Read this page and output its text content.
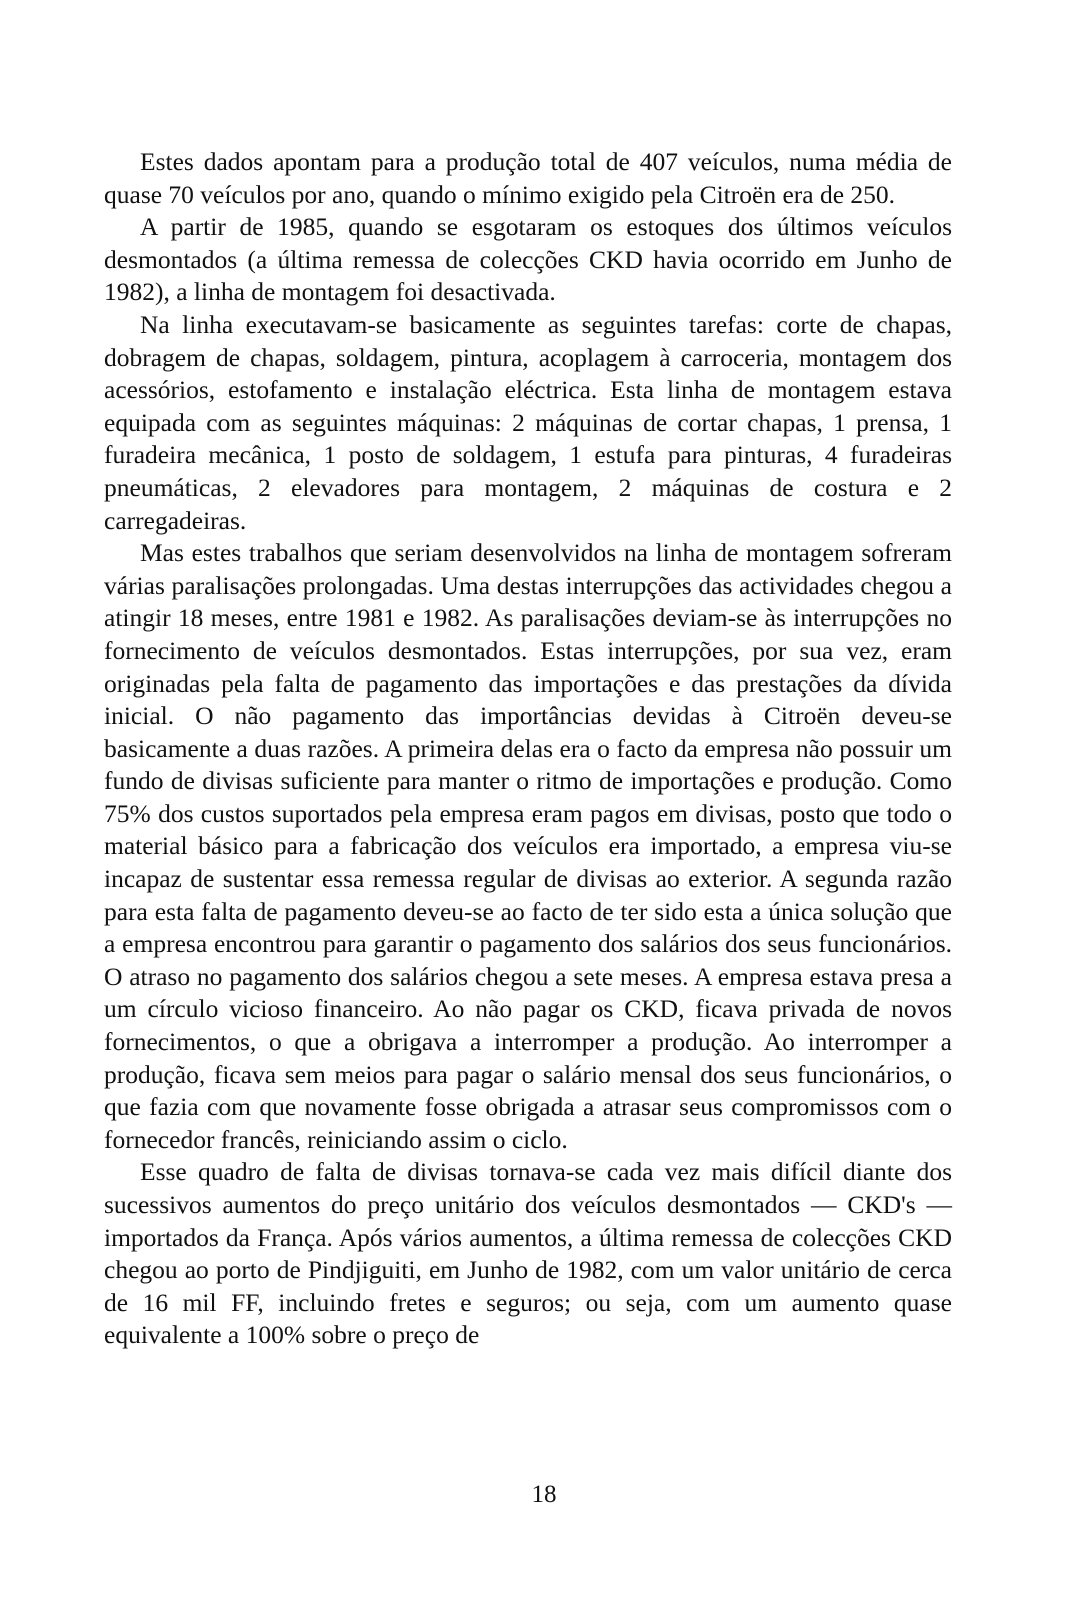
Estes dados apontam para a produção total de 407 veículos, numa média de quase 70 veículos por ano, quando o mínimo exigido pela Citroën era de 250.

A partir de 1985, quando se esgotaram os estoques dos últimos veículos desmontados (a última remessa de colecções CKD havia ocorrido em Junho de 1982), a linha de montagem foi desactivada.

Na linha executavam-se basicamente as seguintes tarefas: corte de chapas, dobragem de chapas, soldagem, pintura, acoplagem à carroceria, montagem dos acessórios, estofamento e instalação eléctrica. Esta linha de montagem estava equipada com as seguintes máquinas: 2 máquinas de cortar chapas, 1 prensa, 1 furadeira mecânica, 1 posto de soldagem, 1 estufa para pinturas, 4 furadeiras pneumáticas, 2 elevadores para montagem, 2 máquinas de costura e 2 carregadeiras.

Mas estes trabalhos que seriam desenvolvidos na linha de montagem sofreram várias paralisações prolongadas. Uma destas interrupções das actividades chegou a atingir 18 meses, entre 1981 e 1982. As paralisações deviam-se às interrupções no fornecimento de veículos desmontados. Estas interrupções, por sua vez, eram originadas pela falta de pagamento das importações e das prestações da dívida inicial. O não pagamento das importâncias devidas à Citroën deveu-se basicamente a duas razões. A primeira delas era o facto da empresa não possuir um fundo de divisas suficiente para manter o ritmo de importações e produção. Como 75% dos custos suportados pela empresa eram pagos em divisas, posto que todo o material básico para a fabricação dos veículos era importado, a empresa viu-se incapaz de sustentar essa remessa regular de divisas ao exterior. A segunda razão para esta falta de pagamento deveu-se ao facto de ter sido esta a única solução que a empresa encontrou para garantir o pagamento dos salários dos seus funcionários. O atraso no pagamento dos salários chegou a sete meses. A empresa estava presa a um círculo vicioso financeiro. Ao não pagar os CKD, ficava privada de novos fornecimentos, o que a obrigava a interromper a produção. Ao interromper a produção, ficava sem meios para pagar o salário mensal dos seus funcionários, o que fazia com que novamente fosse obrigada a atrasar seus compromissos com o fornecedor francês, reiniciando assim o ciclo.

Esse quadro de falta de divisas tornava-se cada vez mais difícil diante dos sucessivos aumentos do preço unitário dos veículos desmontados — CKD's — importados da França. Após vários aumentos, a última remessa de colecções CKD chegou ao porto de Pindjiguiti, em Junho de 1982, com um valor unitário de cerca de 16 mil FF, incluindo fretes e seguros; ou seja, com um aumento quase equivalente a 100% sobre o preço de

18
